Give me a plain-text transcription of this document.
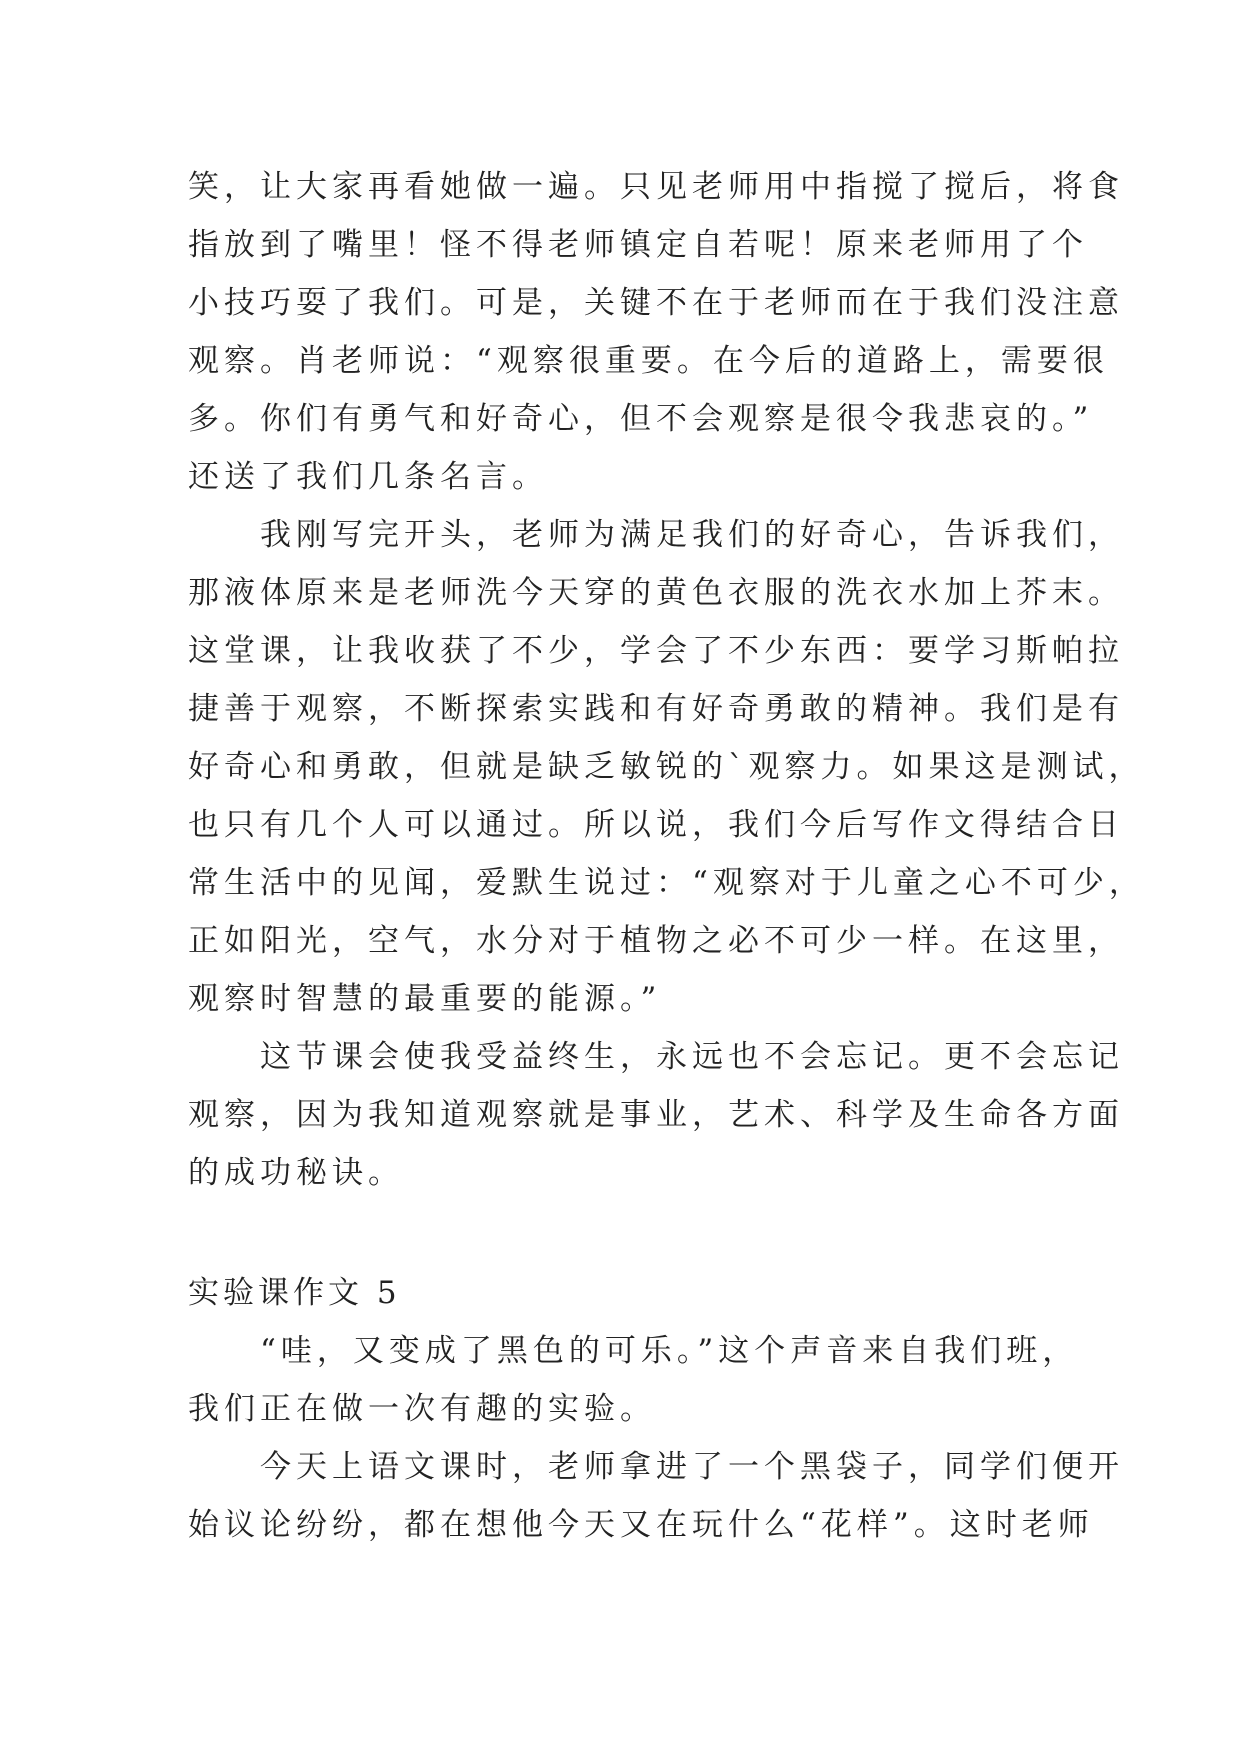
笑，让大家再看她做一遍。只见老师用中指搅了搅后，将食
指放到了嘴里！怪不得老师镇定自若呢！原来老师用了个
小技巧耍了我们。可是，关键不在于老师而在于我们没注意
观察。肖老师说：“观察很重要。在今后的道路上，需要很
多。你们有勇气和好奇心，但不会观察是很令我悲哀的。”
还送了我们几条名言。
　　我刚写完开头，老师为满足我们的好奇心，告诉我们，
那液体原来是老师洗今天穿的黄色衣服的洗衣水加上芥末。
这堂课，让我收获了不少，学会了不少东西：要学习斯帕拉
捷善于观察，不断探索实践和有好奇勇敢的精神。我们是有
好奇心和勇敢，但就是缺乏敏锐的`观察力。如果这是测试，
也只有几个人可以通过。所以说，我们今后写作文得结合日
常生活中的见闻，爱默生说过：“观察对于儿童之心不可少，
正如阳光，空气，水分对于植物之必不可少一样。在这里，
观察时智慧的最重要的能源。”
　　这节课会使我受益终生，永远也不会忘记。更不会忘记
观察，因为我知道观察就是事业，艺术、科学及生命各方面
的成功秘诀。
实验课作文 5
　　“哇，又变成了黑色的可乐。”这个声音来自我们班，
我们正在做一次有趣的实验。
　　今天上语文课时，老师拿进了一个黑袋子，同学们便开
始议论纷纷，都在想他今天又在玩什么“花样”。这时老师
